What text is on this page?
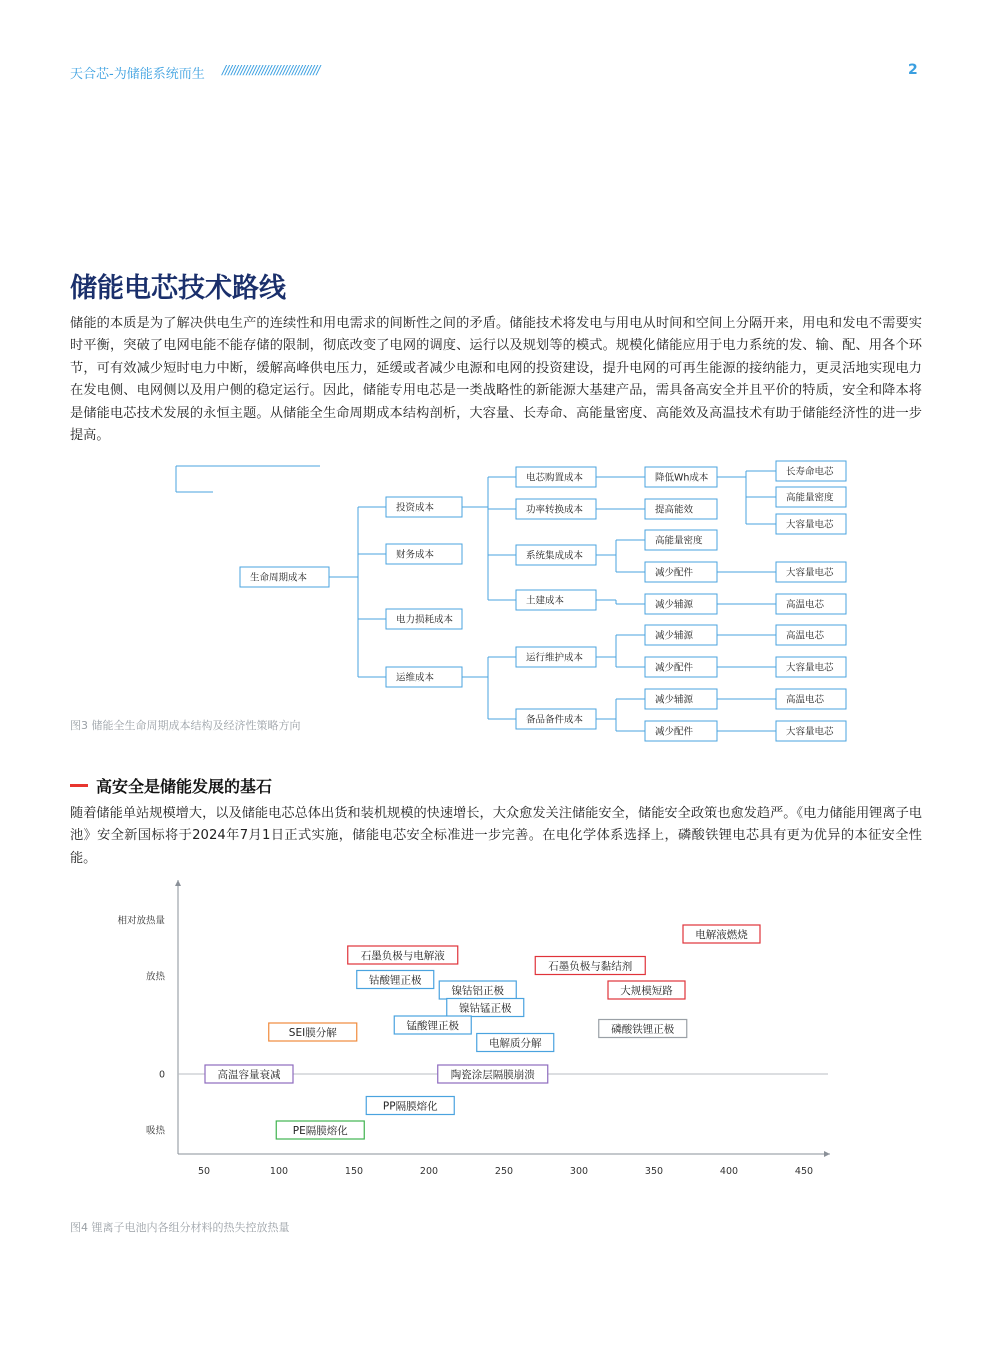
天合芯-为储能系统而生 ////////////////////////////////	2
储能电芯技术路线

储能的本质是为了解决供电生产的连续性和用电需求的间断性之间的矛盾。储能技术将发电与用电从时间和空间上分隔开来，用电和发电不需要实时平衡，突破了电网电能不能存储的限制，彻底改变了电网的调度、运行以及规划等的模式。规模化储能应用于电力系统的发、输、配、用各个环节，可有效减少短时电力中断，缓解高峰供电压力，延缓或者减少电源和电网的投资建设，提升电网的可再生能源的接纳能力，更灵活地实现电力在发电侧、电网侧以及用户侧的稳定运行。因此，储能专用电芯是一类战略性的新能源大基建产品，需具备高安全并且平价的特质，安全和降本将是储能电芯技术发展的永恒主题。从储能全生命周期成本结构剖析，大容量、长寿命、高能量密度、高能效及高温技术有助于储能经济性的进一步提高。

生命周期成本
投资成本
财务成本
电力损耗成本
运维成本
电芯购置成本
功率转换成本
系统集成成本
土建成本
运行维护成本
备品备件成本
降低Wh成本
提高能效
高能量密度
减少配件
减少辅源
减少辅源
减少配件
减少辅源
减少配件
长寿命电芯
高能量密度
大容量电芯
大容量电芯
高温电芯
高温电芯
大容量电芯
高温电芯
大容量电芯
图3 储能全生命周期成本结构及经济性策略方向
高安全是储能发展的基石

随着储能单站规模增大，以及储能电芯总体出货和装机规模的快速增长，大众愈发关注储能安全，储能安全政策也愈发趋严。《电力储能用锂离子电池》安全新国标将于2024年7月1日正式实施，储能电芯安全标准进一步完善。在电化学体系选择上，磷酸铁锂电芯具有更为优异的本征安全性能。

50	100	150	200	250	300	350	400	450
相对放热量
放热
0
吸热
电解液燃烧
石墨负极与电解液
石墨负极与黏结剂
钴酸锂正极
镍钴铝正极	大规模短路
镍钴锰正极
锰酸锂正极	磷酸铁锂正极
SEI膜分解
电解质分解
高温容量衰减	陶瓷涂层隔膜崩溃
PP隔膜熔化
PE隔膜熔化
图4 锂离子电池内各组分材料的热失控放热量
